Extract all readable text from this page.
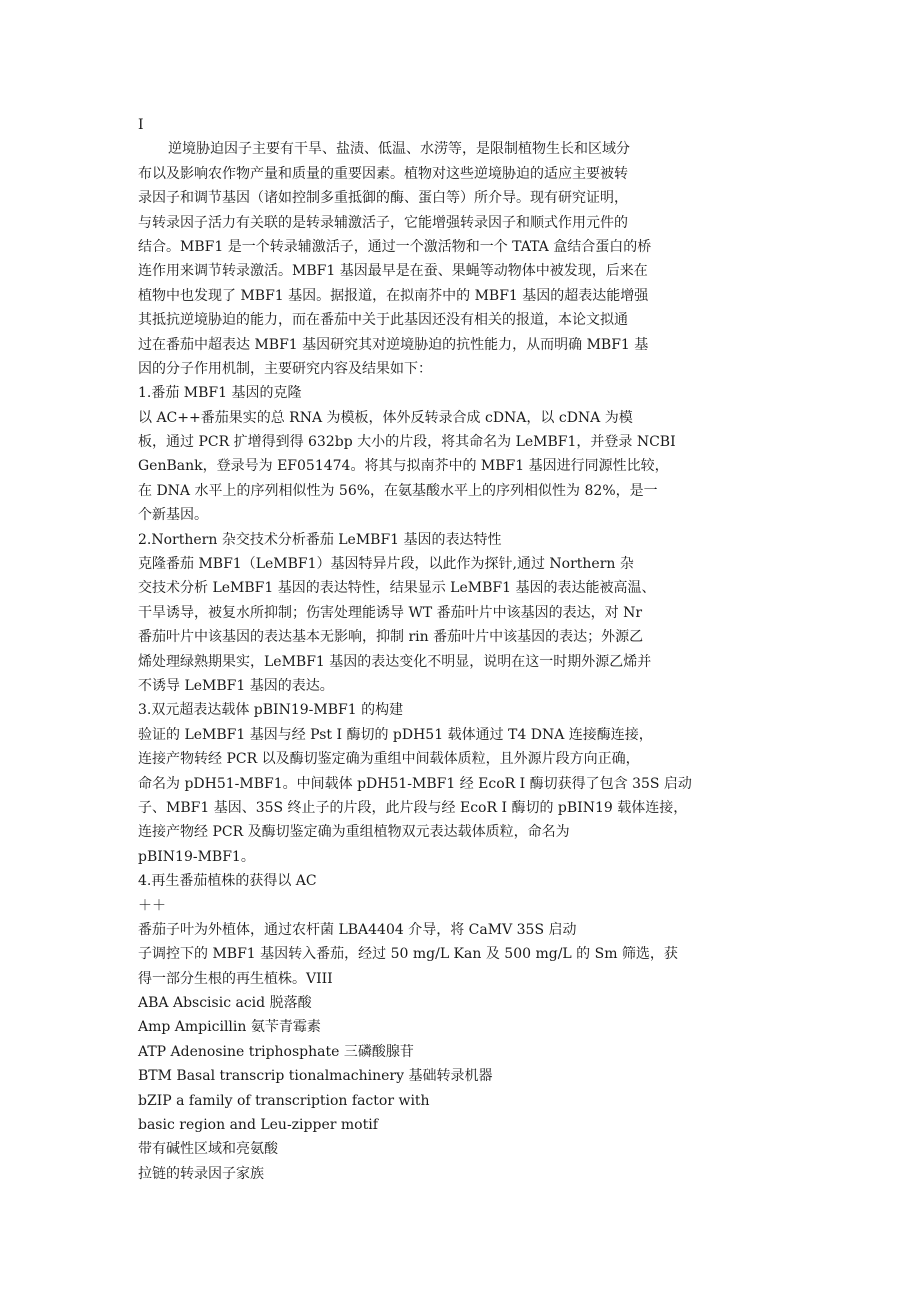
I
逆境胁迫因子主要有干旱、盐渍、低温、水涝等，是限制植物生长和区域分
布以及影响农作物产量和质量的重要因素。植物对这些逆境胁迫的适应主要被转
录因子和调节基因（诸如控制多重抵御的酶、蛋白等）所介导。现有研究证明，
与转录因子活力有关联的是转录辅激活子，它能增强转录因子和顺式作用元件的
结合。MBF1 是一个转录辅激活子，通过一个激活物和一个 TATA 盒结合蛋白的桥
连作用来调节转录激活。MBF1 基因最早是在蚕、果蝇等动物体中被发现，后来在
植物中也发现了 MBF1 基因。据报道，在拟南芥中的 MBF1 基因的超表达能增强
其抵抗逆境胁迫的能力，而在番茄中关于此基因还没有相关的报道，本论文拟通
过在番茄中超表达 MBF1 基因研究其对逆境胁迫的抗性能力，从而明确 MBF1 基
因的分子作用机制，主要研究内容及结果如下：
1.番茄 MBF1 基因的克隆
以 AC++番茄果实的总 RNA 为模板，体外反转录合成 cDNA，以 cDNA 为模
板，通过 PCR 扩增得到得 632bp 大小的片段，将其命名为 LeMBF1，并登录 NCBI
GenBank，登录号为 EF051474。将其与拟南芥中的 MBF1 基因进行同源性比较，
在 DNA 水平上的序列相似性为 56%，在氨基酸水平上的序列相似性为 82%，是一
个新基因。
2.Northern 杂交技术分析番茄 LeMBF1 基因的表达特性
克隆番茄 MBF1（LeMBF1）基因特异片段，以此作为探针,通过 Northern 杂
交技术分析 LeMBF1 基因的表达特性，结果显示 LeMBF1 基因的表达能被高温、
干旱诱导，被复水所抑制；伤害处理能诱导 WT 番茄叶片中该基因的表达，对 Nr
番茄叶片中该基因的表达基本无影响，抑制 rin 番茄叶片中该基因的表达；外源乙
烯处理绿熟期果实，LeMBF1 基因的表达变化不明显，说明在这一时期外源乙烯并
不诱导 LeMBF1 基因的表达。
3.双元超表达载体 pBIN19-MBF1 的构建
验证的 LeMBF1 基因与经 Pst I 酶切的 pDH51 载体通过 T4 DNA 连接酶连接，
连接产物转经 PCR 以及酶切鉴定确为重组中间载体质粒，且外源片段方向正确，
命名为 pDH51-MBF1。中间载体 pDH51-MBF1 经 EcoR I 酶切获得了包含 35S 启动
子、MBF1 基因、35S 终止子的片段，此片段与经 EcoR I 酶切的 pBIN19 载体连接，
连接产物经 PCR 及酶切鉴定确为重组植物双元表达载体质粒，命名为
pBIN19-MBF1。
4.再生番茄植株的获得以 AC
＋＋
番茄子叶为外植体，通过农杆菌 LBA4404 介导，将 CaMV 35S 启动
子调控下的 MBF1 基因转入番茄，经过 50 mg/L Kan 及 500 mg/L 的 Sm 筛选，获
得一部分生根的再生植株。VIII
ABA Abscisic acid 脱落酸
Amp Ampicillin 氨苄青霉素
ATP Adenosine triphosphate 三磷酸腺苷
BTM Basal transcrip tionalmachinery 基础转录机器
bZIP a family of transcription factor with
basic region and Leu-zipper motif
带有碱性区域和亮氨酸
拉链的转录因子家族
